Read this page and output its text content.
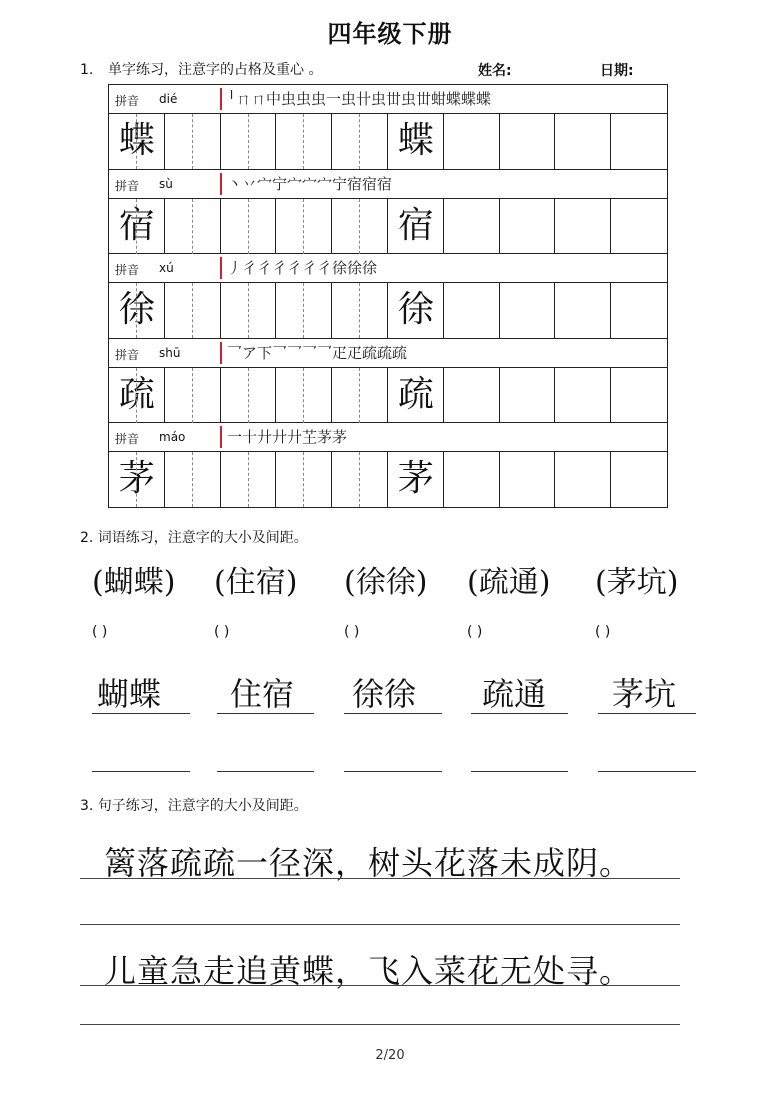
四年级下册
1. 单字练习，注意字的占格及重心 。	姓名:	日期:
拼音 dié	╵ㄇㄇ中虫虫虫一虫卄虫丗虫丗蚶蝶蝶蝶
蝶	蝶
拼音 sù	丶丷宀宁宀宀宀宁宿宿宿
宿	宿
拼音 xú	丿彳彳彳彳彳彳徐徐徐
徐	徐
拼音 shū	乛ア下乛乛乛乛疋疋疏疏疏
疏	疏
拼音 máo	一十廾廾廾芏茅茅
茅	茅
2. 词语练习，注意字的大小及间距。
(蝴蝶) (住宿) (徐徐) (疏通) (茅坑)
( )	( )	( )	( )	( )
蝴蝶 住宿 徐徐 疏通 茅坑
3. 句子练习，注意字的大小及间距。
篱落疏疏一径深，树头花落未成阴。
儿童急走追黄蝶，飞入菜花无处寻。
2/20
